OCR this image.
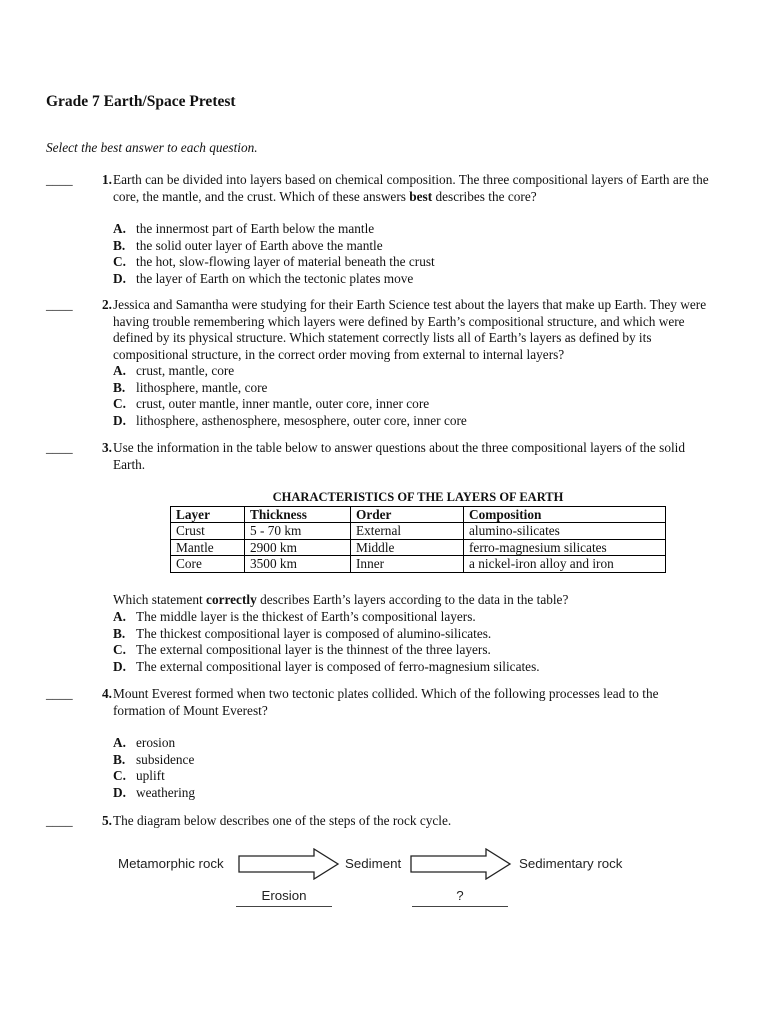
Grade 7 Earth/Space Pretest
Select the best answer to each question.
____	1. Earth can be divided into layers based on chemical composition. The three compositional layers of Earth are the core, the mantle, and the crust. Which of these answers best describes the core?
A. the innermost part of Earth below the mantle
B. the solid outer layer of Earth above the mantle
C. the hot, slow-flowing layer of material beneath the crust
D. the layer of Earth on which the tectonic plates move
____	2. Jessica and Samantha were studying for their Earth Science test about the layers that make up Earth. They were having trouble remembering which layers were defined by Earth’s compositional structure, and which were defined by its physical structure. Which statement correctly lists all of Earth’s layers as defined by its compositional structure, in the correct order moving from external to internal layers?
A. crust, mantle, core
B. lithosphere, mantle, core
C. crust, outer mantle, inner mantle, outer core, inner core
D. lithosphere, asthenosphere, mesosphere, outer core, inner core
____	3. Use the information in the table below to answer questions about the three compositional layers of the solid Earth.
CHARACTERISTICS OF THE LAYERS OF EARTH
Layer	Thickness	Order	Composition
Crust	5 - 70 km	External	alumino-silicates
Mantle	2900 km	Middle	ferro-magnesium silicates
Core	3500 km	Inner	a nickel-iron alloy and iron
Which statement correctly describes Earth’s layers according to the data in the table?
A. The middle layer is the thickest of Earth’s compositional layers.
B. The thickest compositional layer is composed of alumino-silicates.
C. The external compositional layer is the thinnest of the three layers.
D. The external compositional layer is composed of ferro-magnesium silicates.
____	4. Mount Everest formed when two tectonic plates collided. Which of the following processes lead to the formation of Mount Everest?
A. erosion
B. subsidence
C. uplift
D. weathering
____	5. The diagram below describes one of the steps of the rock cycle.
Metamorphic rock	Sediment	Sedimentary rock
Erosion	?
